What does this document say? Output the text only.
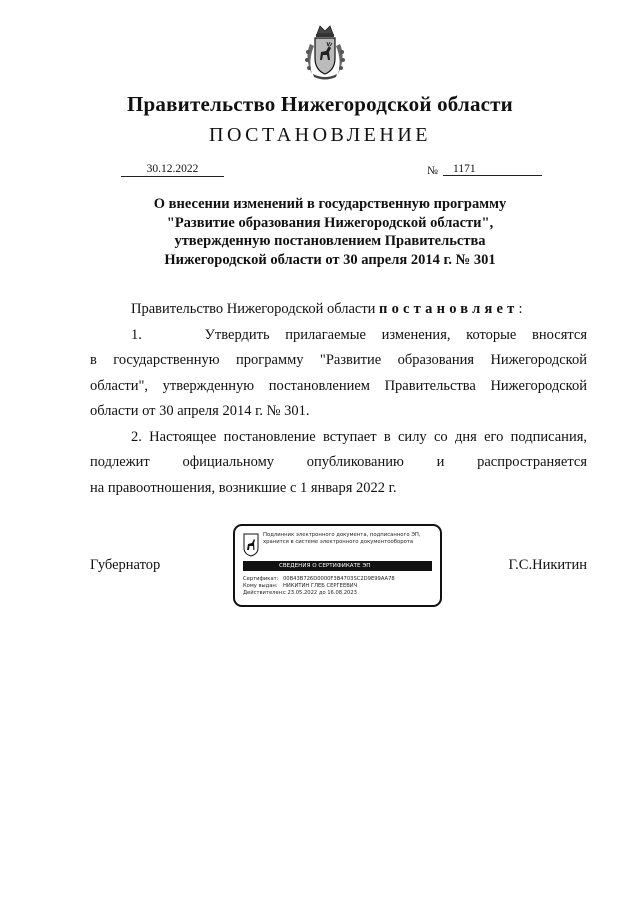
Правительство Нижегородской области
ПОСТАНОВЛЕНИЕ
30.12.2022	№	1171
О внесении изменений в государственную программу
"Развитие образования Нижегородской области",
утвержденную постановлением Правительства
Нижегородской области от 30 апреля 2014 г. № 301

Правительство Нижегородской области постановляет:

1.	Утвердить прилагаемые изменения, которые вносятся

в государственную программу "Развитие образования Нижегородской

области", утвержденную постановлением Правительства Нижегородской

области от 30 апреля 2014 г. № 301.

2. Настоящее постановление вступает в силу со дня его подписания,

подлежит официальному опубликованию и распространяется

на правоотношения, возникшие с 1 января 2022 г.

Губернатор	Г.С.Никитин
Подлинник электронного документа, подписанного ЭП,
хранится в системе электронного документооборота
СВЕДЕНИЯ О СЕРТИФИКАТЕ ЭП
Сертификат: 00B43B726D0000F3B4703SC2D9E99AA78
Кому выдан: НИКИТИН ГЛЕБ СЕРГЕЕВИЧ
Действителен:с 23.05.2022 до 16.08.2023
